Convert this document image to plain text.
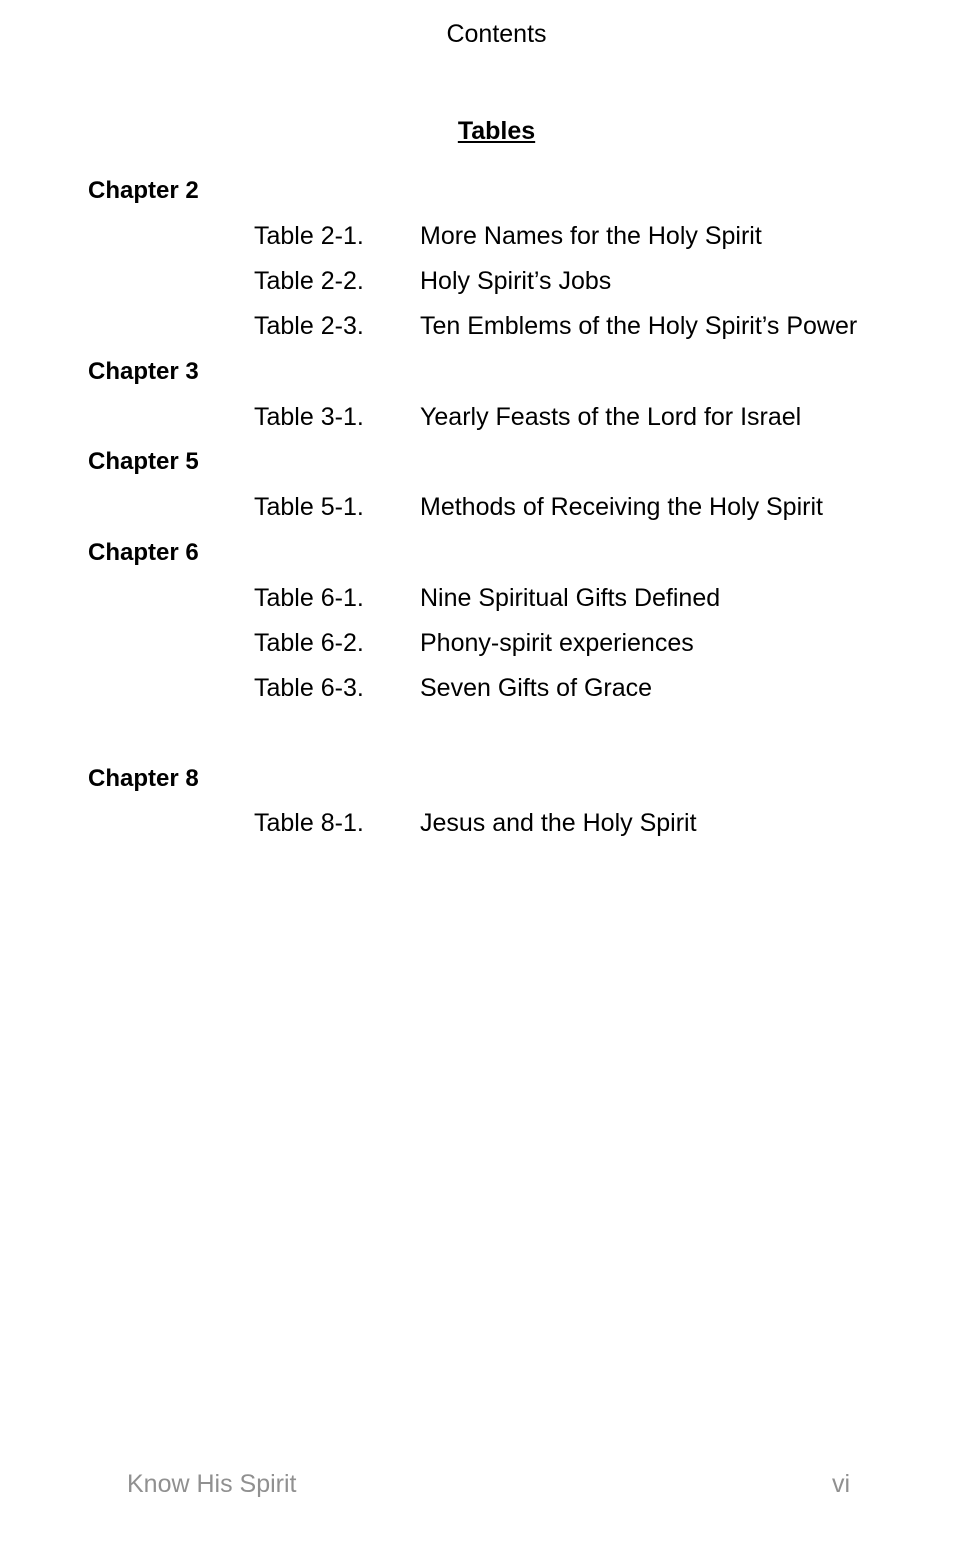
Contents
Tables
Chapter 2
Table 2-1. More Names for the Holy Spirit
Table 2-2. Holy Spirit’s Jobs
Table 2-3. Ten Emblems of the Holy Spirit’s Power
Chapter 3
Table 3-1. Yearly Feasts of the Lord for Israel
Chapter 5
Table 5-1. Methods of Receiving the Holy Spirit
Chapter 6
Table 6-1. Nine Spiritual Gifts Defined
Table 6-2. Phony-spirit experiences
Table 6-3. Seven Gifts of Grace
Chapter 8
Table 8-1. Jesus and the Holy Spirit
Know His Spirit	vi
